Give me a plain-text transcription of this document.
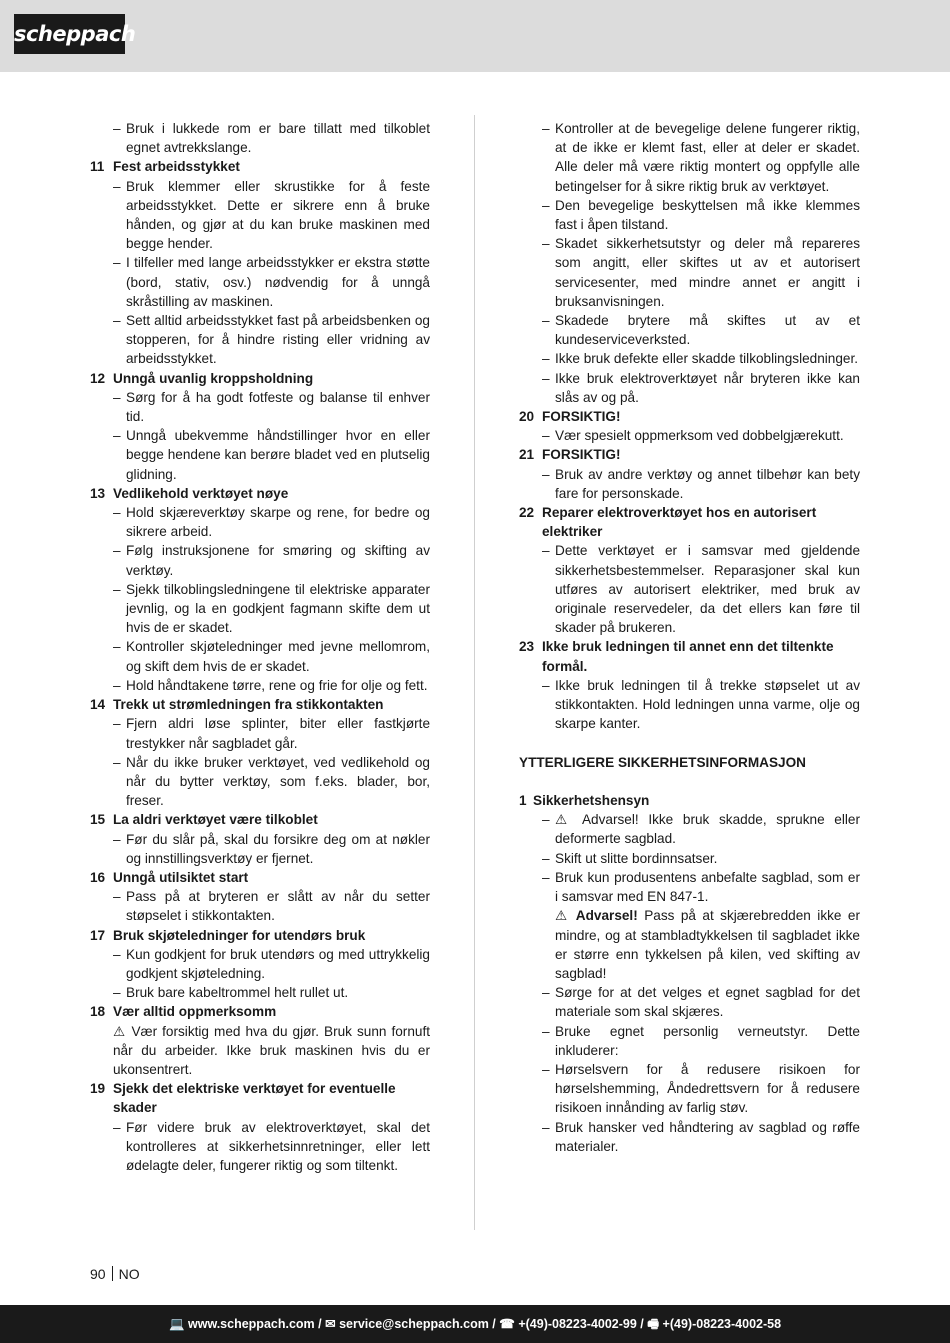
scheppach
– Bruk i lukkede rom er bare tillatt med tilkoblet egnet avtrekkslange.
11 Fest arbeidsstykket
– Bruk klemmer eller skrustikke for å feste arbeidsstykket. Dette er sikrere enn å bruke hånden, og gjør at du kan bruke maskinen med begge hender.
– I tilfeller med lange arbeidsstykker er ekstra støtte (bord, stativ, osv.) nødvendig for å unngå skråstilling av maskinen.
– Sett alltid arbeidsstykket fast på arbeidsbenken og stopperen, for å hindre risting eller vridning av arbeidsstykket.
12 Unngå uvanlig kroppsholdning
– Sørg for å ha godt fotfeste og balanse til enhver tid.
– Unngå ubekvemme håndstillinger hvor en eller begge hendene kan berøre bladet ved en plutselig glidning.
13 Vedlikehold verktøyet nøye
– Hold skjæreverktøy skarpe og rene, for bedre og sikrere arbeid.
– Følg instruksjonene for smøring og skifting av verktøy.
– Sjekk tilkoblingsledningene til elektriske apparater jevnlig, og la en godkjent fagmann skifte dem ut hvis de er skadet.
– Kontroller skjøteledninger med jevne mellomrom, og skift dem hvis de er skadet.
– Hold håndtakene tørre, rene og frie for olje og fett.
14 Trekk ut strømledningen fra stikkontakten
– Fjern aldri løse splinter, biter eller fastkjørte trestykker når sagbladet går.
– Når du ikke bruker verktøyet, ved vedlikehold og når du bytter verktøy, som f.eks. blader, bor, freser.
15 La aldri verktøyet være tilkoblet
– Før du slår på, skal du forsikre deg om at nøkler og innstillingsverktøy er fjernet.
16 Unngå utilsiktet start
– Pass på at bryteren er slått av når du setter støpselet i stikkontakten.
17 Bruk skjøteledninger for utendørs bruk
– Kun godkjent for bruk utendørs og med uttrykkelig godkjent skjøteledning.
– Bruk bare kabeltrommel helt rullet ut.
18 Vær alltid oppmerksomm
⚠ Vær forsiktig med hva du gjør. Bruk sunn fornuft når du arbeider. Ikke bruk maskinen hvis du er ukonsentrert.
19 Sjekk det elektriske verktøyet for eventuelle skader
– Før videre bruk av elektroverktøyet, skal det kontrolleres at sikkerhetsinnretninger, eller lett ødelagte deler, fungerer riktig og som tiltenkt.
– Kontroller at de bevegelige delene fungerer riktig, at de ikke er klemt fast, eller at deler er skadet. Alle deler må være riktig montert og oppfylle alle betingelser for å sikre riktig bruk av verktøyet.
– Den bevegelige beskyttelsen må ikke klemmes fast i åpen tilstand.
– Skadet sikkerhetsutstyr og deler må repareres som angitt, eller skiftes ut av et autorisert servicesenter, med mindre annet er angitt i bruksanvisningen.
– Skadede brytere må skiftes ut av et kundeserviceverksted.
– Ikke bruk defekte eller skadde tilkoblingsledninger.
– Ikke bruk elektroverktøyet når bryteren ikke kan slås av og på.
20 FORSIKTIG!
– Vær spesielt oppmerksom ved dobbelgjærekutt.
21 FORSIKTIG!
– Bruk av andre verktøy og annet tilbehør kan bety fare for personskade.
22 Reparer elektroverktøyet hos en autorisert elektriker
– Dette verktøyet er i samsvar med gjeldende sikkerhetsbestemmelser. Reparasjoner skal kun utføres av autorisert elektriker, med bruk av originale reservedeler, da det ellers kan føre til skader på brukeren.
23 Ikke bruk ledningen til annet enn det tiltenkte formål.
– Ikke bruk ledningen til å trekke støpselet ut av stikkontakten. Hold ledningen unna varme, olje og skarpe kanter.
YTTERLIGERE SIKKERHETSINFORMASJON
1 Sikkerhetshensyn
– ⚠ Advarsel! Ikke bruk skadde, sprukne eller deformerte sagblad.
– Skift ut slitte bordinnsatser.
– Bruk kun produsentens anbefalte sagblad, som er i samsvar med EN 847-1.
⚠ Advarsel! Pass på at skjærebredden ikke er mindre, og at stambladtykkelsen til sagbladet ikke er større enn tykkelsen på kilen, ved skifting av sagblad!
– Sørge for at det velges et egnet sagblad for det materiale som skal skjæres.
– Bruke egnet personlig verneutstyr. Dette inkluderer:
– Hørselsvern for å redusere risikoen for hørselshemming, Åndedrettsvern for å redusere risikoen innånding av farlig støv.
– Bruk hansker ved håndtering av sagblad og røffe materialer.
90 NO
💻 www.scheppach.com / ✉ service@scheppach.com / ☎ +(49)-08223-4002-99 / 🖷 +(49)-08223-4002-58
